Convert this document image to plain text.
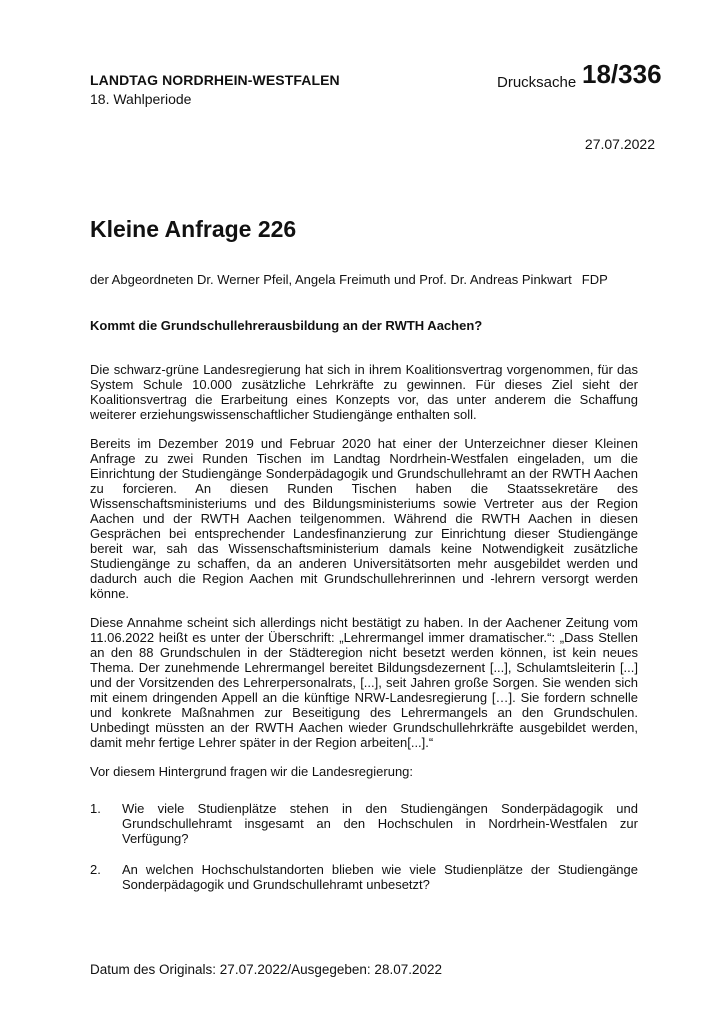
LANDTAG NORDRHEIN-WESTFALEN
18. Wahlperiode
Drucksache 18/336
27.07.2022
Kleine Anfrage 226
der Abgeordneten Dr. Werner Pfeil, Angela Freimuth und Prof. Dr. Andreas Pinkwart FDP
Kommt die Grundschullehrerausbildung an der RWTH Aachen?

Die schwarz-grüne Landesregierung hat sich in ihrem Koalitionsvertrag vorgenommen, für das System Schule 10.000 zusätzliche Lehrkräfte zu gewinnen. Für dieses Ziel sieht der Koalitionsvertrag die Erarbeitung eines Konzepts vor, das unter anderem die Schaffung weiterer erziehungswissenschaftlicher Studiengänge enthalten soll.

Bereits im Dezember 2019 und Februar 2020 hat einer der Unterzeichner dieser Kleinen Anfrage zu zwei Runden Tischen im Landtag Nordrhein-Westfalen eingeladen, um die Einrichtung der Studiengänge Sonderpädagogik und Grundschullehramt an der RWTH Aachen zu forcieren. An diesen Runden Tischen haben die Staatssekretäre des Wissenschaftsministeriums und des Bildungsministeriums sowie Vertreter aus der Region Aachen und der RWTH Aachen teilgenommen. Während die RWTH Aachen in diesen Gesprächen bei entsprechender Landesfinanzierung zur Einrichtung dieser Studiengänge bereit war, sah das Wissenschaftsministerium damals keine Notwendigkeit zusätzliche Studiengänge zu schaffen, da an anderen Universitätsorten mehr ausgebildet werden und dadurch auch die Region Aachen mit Grundschullehrerinnen und -lehrern versorgt werden könne.

Diese Annahme scheint sich allerdings nicht bestätigt zu haben. In der Aachener Zeitung vom 11.06.2022 heißt es unter der Überschrift: „Lehrermangel immer dramatischer.“: „Dass Stellen an den 88 Grundschulen in der Städteregion nicht besetzt werden können, ist kein neues Thema. Der zunehmende Lehrermangel bereitet Bildungsdezernent [...], Schulamtsleiterin [...] und der Vorsitzenden des Lehrerpersonalrats, [...], seit Jahren große Sorgen. Sie wenden sich mit einem dringenden Appell an die künftige NRW-Landesregierung […]. Sie fordern schnelle und konkrete Maßnahmen zur Beseitigung des Lehrermangels an den Grundschulen. Unbedingt müssten an der RWTH Aachen wieder Grundschullehrkräfte ausgebildet werden, damit mehr fertige Lehrer später in der Region arbeiten[...].“

Vor diesem Hintergrund fragen wir die Landesregierung:

1.	Wie viele Studienplätze stehen in den Studiengängen Sonderpädagogik und Grundschullehramt insgesamt an den Hochschulen in Nordrhein-Westfalen zur Verfügung?
2.	An welchen Hochschulstandorten blieben wie viele Studienplätze der Studiengänge Sonderpädagogik und Grundschullehramt unbesetzt?
Datum des Originals: 27.07.2022/Ausgegeben: 28.07.2022
